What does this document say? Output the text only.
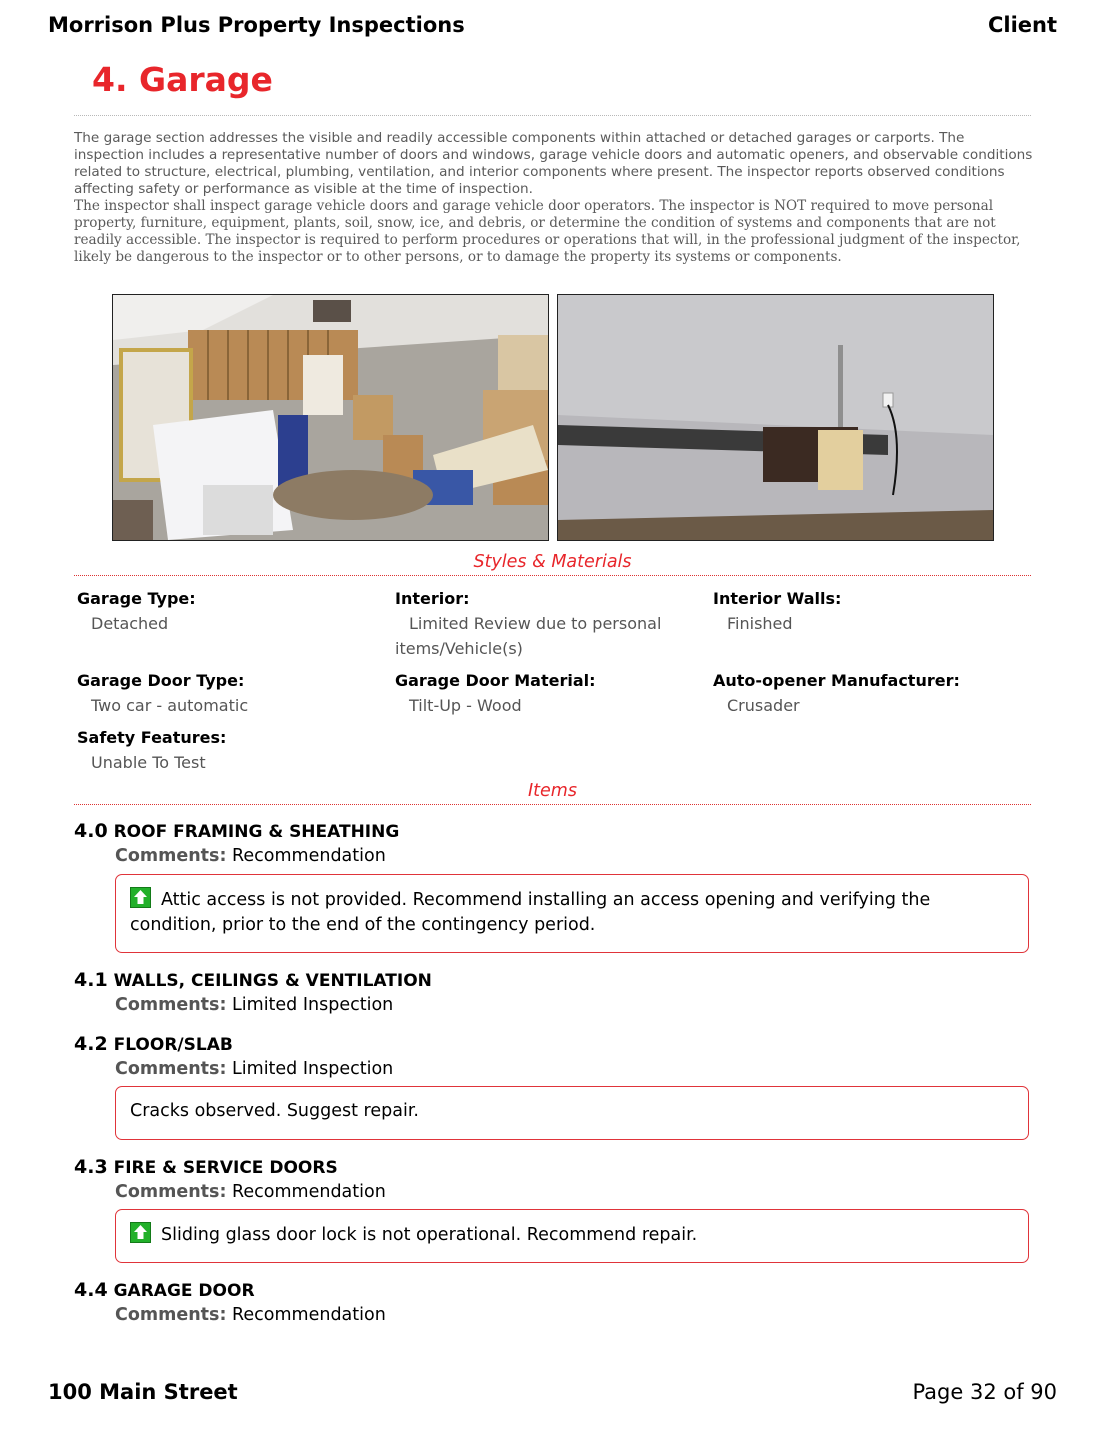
Morrison Plus Property Inspections	Client
4. Garage
The garage section addresses the visible and readily accessible components within attached or detached garages or carports. The inspection includes a representative number of doors and windows, garage vehicle doors and automatic openers, and observable conditions related to structure, electrical, plumbing, ventilation, and interior components where present. The inspector reports observed conditions affecting safety or performance as visible at the time of inspection.
The inspector shall inspect garage vehicle doors and garage vehicle door operators. The inspector is NOT required to move personal property, furniture, equipment, plants, soil, snow, ice, and debris, or determine the condition of systems and components that are not readily accessible. The inspector is required to perform procedures or operations that will, in the professional judgment of the inspector, likely be dangerous to the inspector or to other persons, or to damage the property its systems or components.
Styles & Materials
Garage Type:
Detached
Interior:
Limited Review due to personal items/Vehicle(s)
Interior Walls:
Finished
Garage Door Type:
Two car - automatic
Garage Door Material:
Tilt-Up - Wood
Auto-opener Manufacturer:
Crusader
Safety Features:
Unable To Test
Items
4.0 ROOF FRAMING & SHEATHING
Comments: Recommendation
Attic access is not provided. Recommend installing an access opening and verifying the condition, prior to the end of the contingency period.
4.1 WALLS, CEILINGS & VENTILATION
Comments: Limited Inspection
4.2 FLOOR/SLAB
Comments: Limited Inspection
Cracks observed. Suggest repair.
4.3 FIRE & SERVICE DOORS
Comments: Recommendation
Sliding glass door lock is not operational. Recommend repair.
4.4 GARAGE DOOR
Comments: Recommendation
100 Main Street	Page 32 of 90
